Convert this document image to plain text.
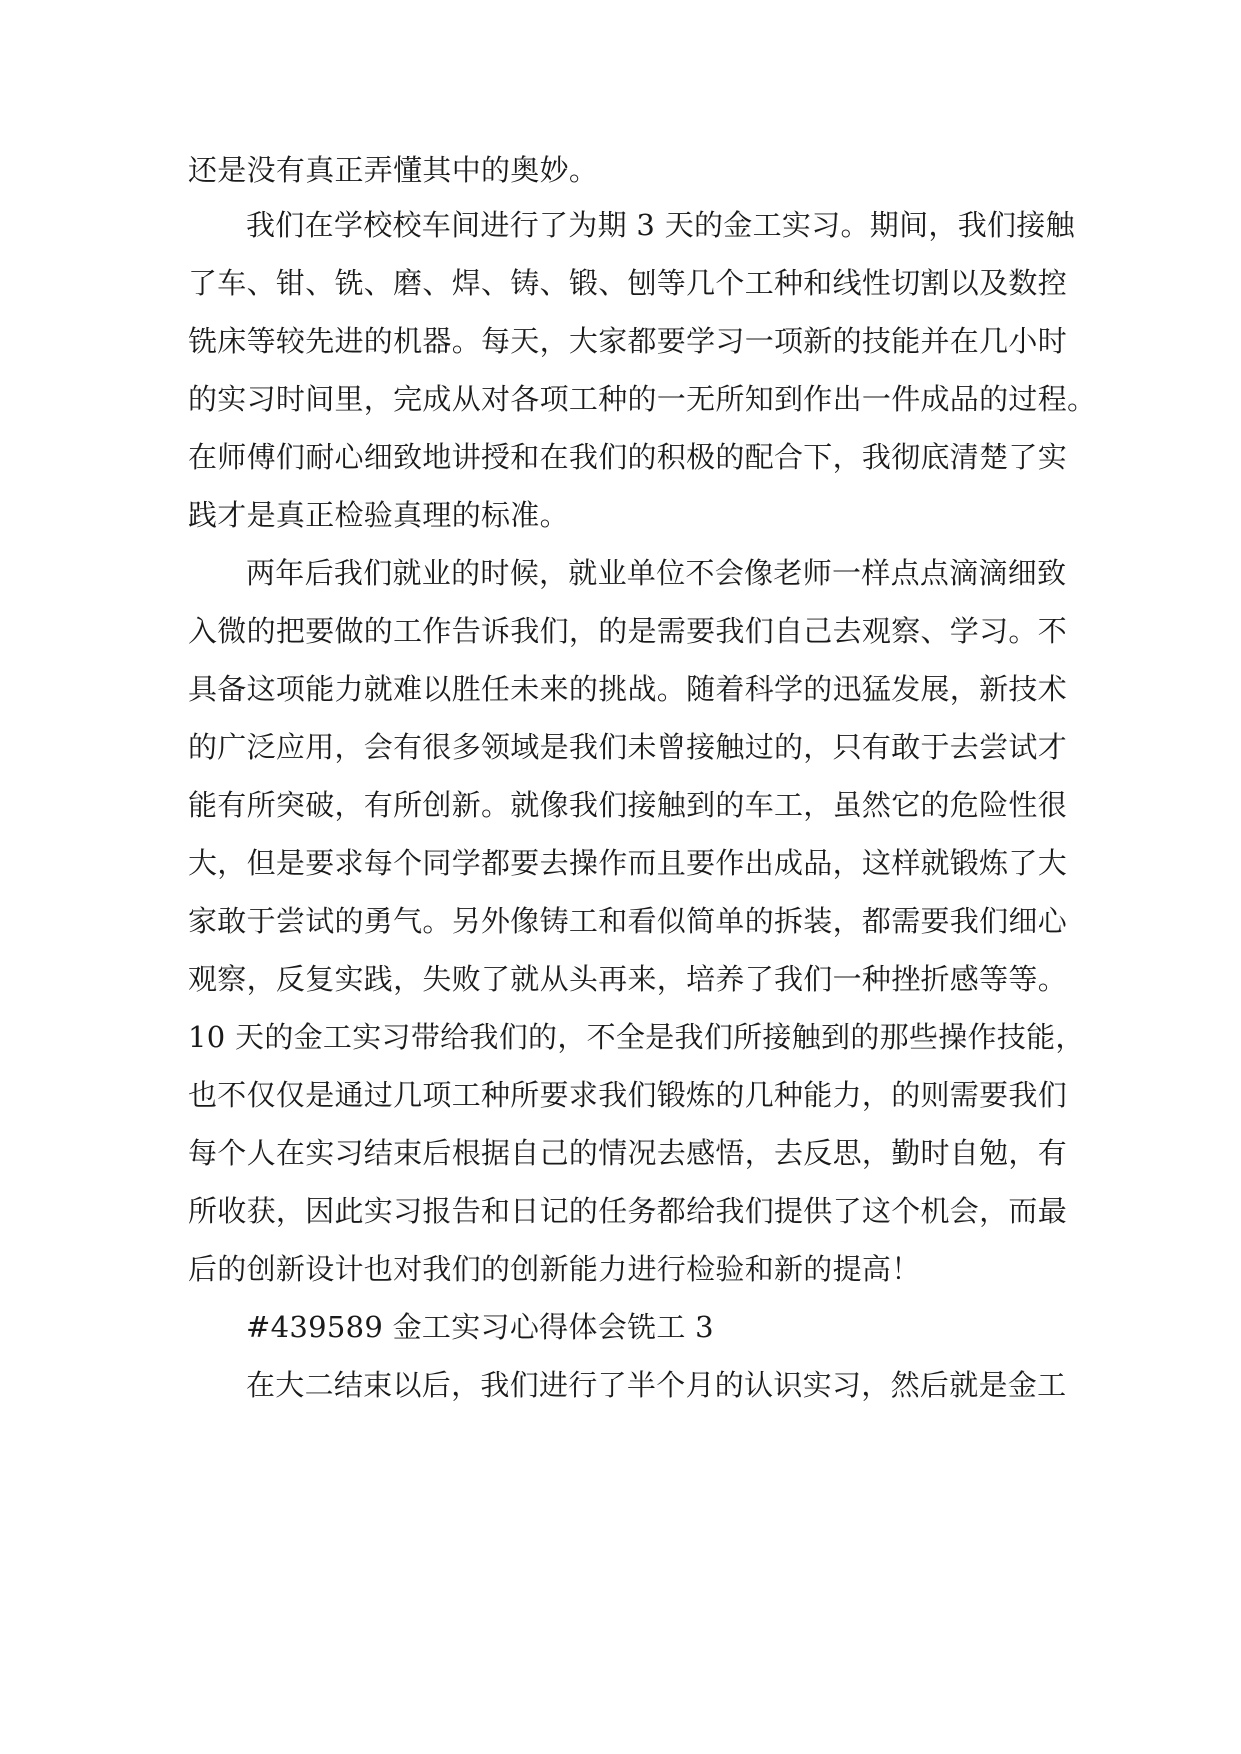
还是没有真正弄懂其中的奥妙。
我们在学校校车间进行了为期 3 天的金工实习。期间，我们接触
了车、钳、铣、磨、焊、铸、锻、刨等几个工种和线性切割以及数控
铣床等较先进的机器。每天，大家都要学习一项新的技能并在几小时
的实习时间里，完成从对各项工种的一无所知到作出一件成品的过程。
在师傅们耐心细致地讲授和在我们的积极的配合下，我彻底清楚了实
践才是真正检验真理的标准。
两年后我们就业的时候，就业单位不会像老师一样点点滴滴细致
入微的把要做的工作告诉我们，的是需要我们自己去观察、学习。不
具备这项能力就难以胜任未来的挑战。随着科学的迅猛发展，新技术
的广泛应用，会有很多领域是我们未曾接触过的，只有敢于去尝试才
能有所突破，有所创新。就像我们接触到的车工，虽然它的危险性很
大，但是要求每个同学都要去操作而且要作出成品，这样就锻炼了大
家敢于尝试的勇气。另外像铸工和看似简单的拆装，都需要我们细心
观察，反复实践，失败了就从头再来，培养了我们一种挫折感等等。
10 天的金工实习带给我们的，不全是我们所接触到的那些操作技能，
也不仅仅是通过几项工种所要求我们锻炼的几种能力，的则需要我们
每个人在实习结束后根据自己的情况去感悟，去反思，勤时自勉，有
所收获，因此实习报告和日记的任务都给我们提供了这个机会，而最
后的创新设计也对我们的创新能力进行检验和新的提高！
#439589 金工实习心得体会铣工 3
在大二结束以后，我们进行了半个月的认识实习，然后就是金工
